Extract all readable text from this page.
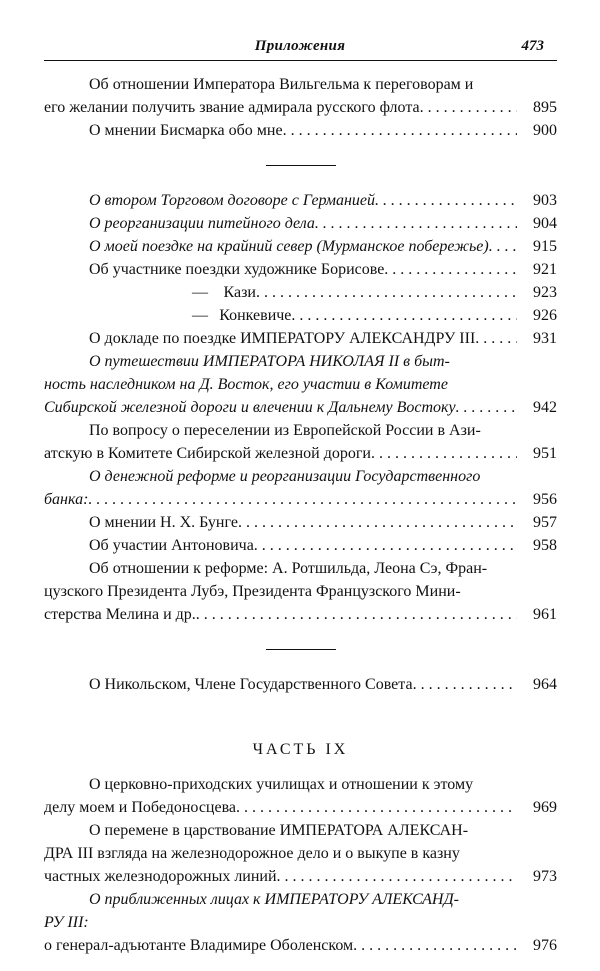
Приложения	473
Об отношении Императора Вильгельма к переговорам и
его желании получить звание адмирала русского флота . . .	895
О мнении Бисмарка обо мне . . .	900
О втором Торговом договоре с Германией . . .	903
О реорганизации питейного дела . . .	904
О моей поездке на крайний север (Мурманское побережье) . . .	915
Об участнике поездки художнике Борисове . . .	921
— Кази . . .	923
— Конкевиче . . .	926
О докладе по поездке ИМПЕРАТОРУ АЛЕКСАНДРУ III . . .	931
О путешествии ИМПЕРАТОРА НИКОЛАЯ II в быт-
ность наследником на Д. Восток, его участии в Комитете
Сибирской железной дороги и влечении к Дальнему Востоку . . .	942
По вопросу о переселении из Европейской России в Ази-
атскую в Комитете Сибирской железной дороги . . .	951
О денежной реформе и реорганизации Государственного
банка: . . .	956
О мнении Н. Х. Бунге . . .	957
Об участии Антоновича . . .	958
Об отношении к реформе: А. Ротшильда, Леона Сэ, Фран-
цузского Президента Лубэ, Президента Французского Мини-
стерства Мелина и др. . . .	961
О Никольском, Члене Государственного Совета . . .	964
ЧАСТЬ IX
О церковно-приходских училищах и отношении к этому
делу моем и Победоносцева . . .	969
О перемене в царствование ИМПЕРАТОРА АЛЕКСАН-
ДРА III взгляда на железнодорожное дело и о выкупе в казну
частных железнодорожных линий . . .	973
О приближенных лицах к ИМПЕРАТОРУ АЛЕКСАНД-
РУ III:
о генерал-адъютанте Владимире Оболенском . . .	976
